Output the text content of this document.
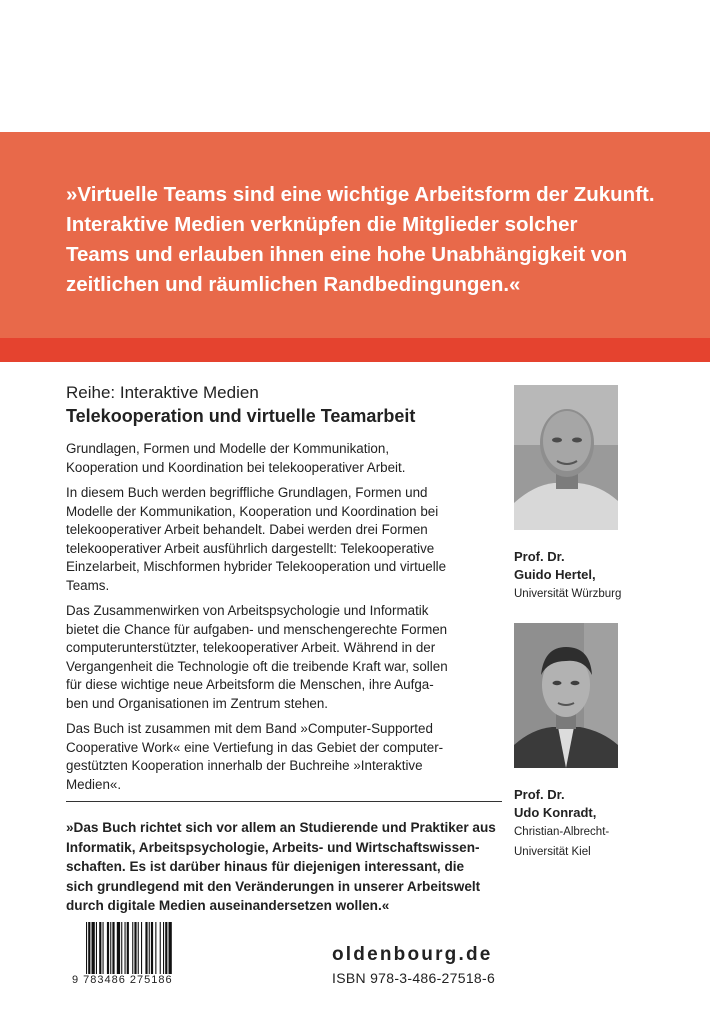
»Virtuelle Teams sind eine wichtige Arbeitsform der Zukunft.
Interaktive Medien verknüpfen die Mitglieder solcher
Teams und erlauben ihnen eine hohe Unabhängigkeit von
zeitlichen und räumlichen Randbedingungen.«
Reihe: Interaktive Medien
Telekooperation und virtuelle Teamarbeit

Grundlagen, Formen und Modelle der Kommunikation,
Kooperation und Koordination bei telekooperativer Arbeit.

In diesem Buch werden begriffliche Grundlagen, Formen und
Modelle der Kommunikation, Kooperation und Koordination bei
telekooperativer Arbeit behandelt. Dabei werden drei Formen
telekooperativer Arbeit ausführlich dargestellt: Telekooperative
Einzelarbeit, Mischformen hybrider Telekooperation und virtuelle
Teams.

Das Zusammenwirken von Arbeitspsychologie und Informatik
bietet die Chance für aufgaben- und menschengerechte Formen
computerunterstützter, telekooperativer Arbeit. Während in der
Vergangenheit die Technologie oft die treibende Kraft war, sollen
für diese wichtige neue Arbeitsform die Menschen, ihre Aufga-
ben und Organisationen im Zentrum stehen.

Das Buch ist zusammen mit dem Band »Computer-Supported
Cooperative Work« eine Vertiefung in das Gebiet der computer-
gestützten Kooperation innerhalb der Buchreihe »Interaktive
Medien«.

»Das Buch richtet sich vor allem an Studierende und Praktiker aus
Informatik, Arbeitspsychologie, Arbeits- und Wirtschaftswissen-
schaften. Es ist darüber hinaus für diejenigen interessant, die
sich grundlegend mit den Veränderungen in unserer Arbeitswelt
durch digitale Medien auseinandersetzen wollen.«
Prof. Dr.
Guido Hertel,
Universität Würzburg
Prof. Dr.
Udo Konradt,
Christian-Albrecht-
Universität Kiel
9 783486 275186
oldenbourg.de
ISBN 978-3-486-27518-6
